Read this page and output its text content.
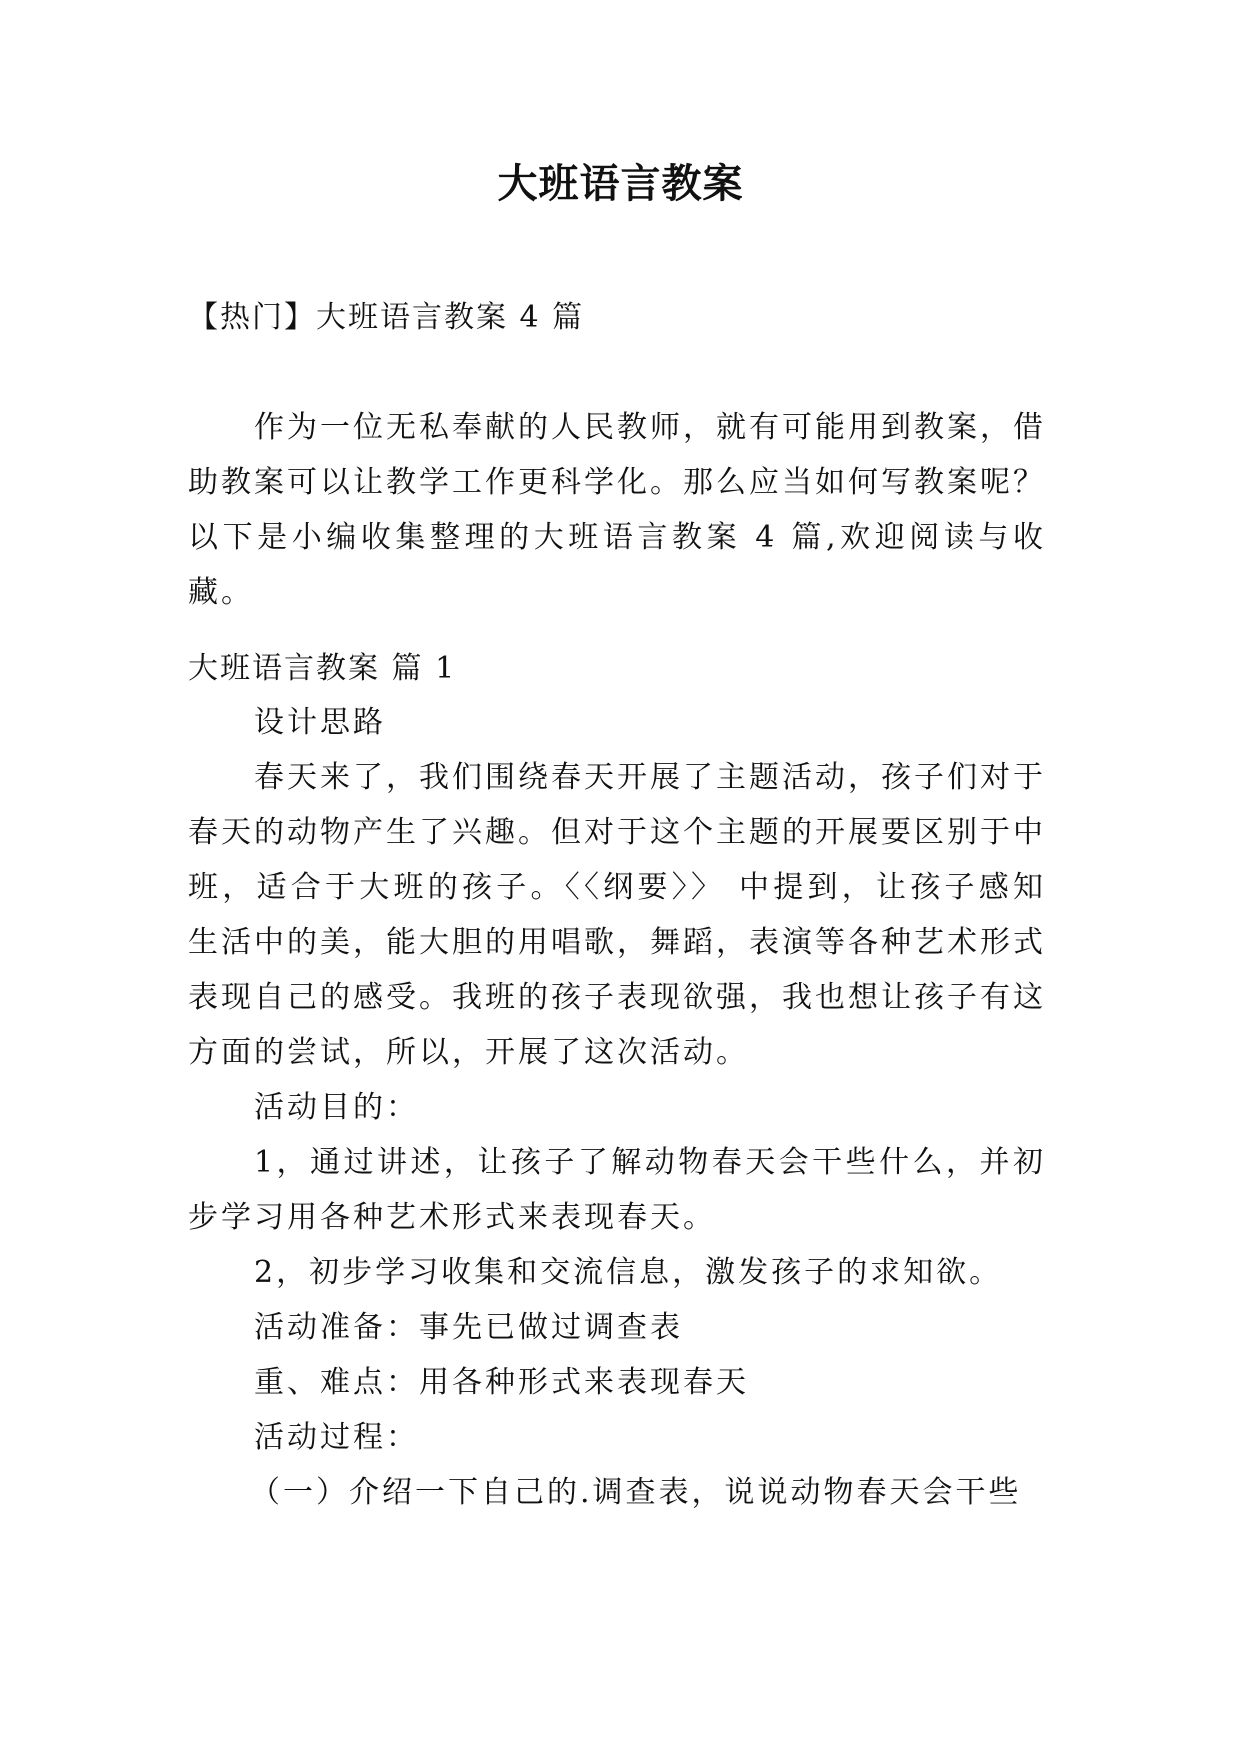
大班语言教案
【热门】大班语言教案 4 篇

作为一位无私奉献的人民教师，就有可能用到教案，借助教案可以让教学工作更科学化。那么应当如何写教案呢？以下是小编收集整理的大班语言教案 4 篇,欢迎阅读与收藏。

大班语言教案 篇 1

设计思路

春天来了，我们围绕春天开展了主题活动，孩子们对于春天的动物产生了兴趣。但对于这个主题的开展要区别于中班，适合于大班的孩子。〈〈纲要〉〉 中提到，让孩子感知生活中的美，能大胆的用唱歌，舞蹈，表演等各种艺术形式表现自己的感受。我班的孩子表现欲强，我也想让孩子有这方面的尝试，所以，开展了这次活动。

活动目的：

1，通过讲述，让孩子了解动物春天会干些什么，并初步学习用各种艺术形式来表现春天。

2，初步学习收集和交流信息，激发孩子的求知欲。

活动准备：事先已做过调查表

重、难点：用各种形式来表现春天

活动过程：

（一）介绍一下自己的.调查表，说说动物春天会干些
